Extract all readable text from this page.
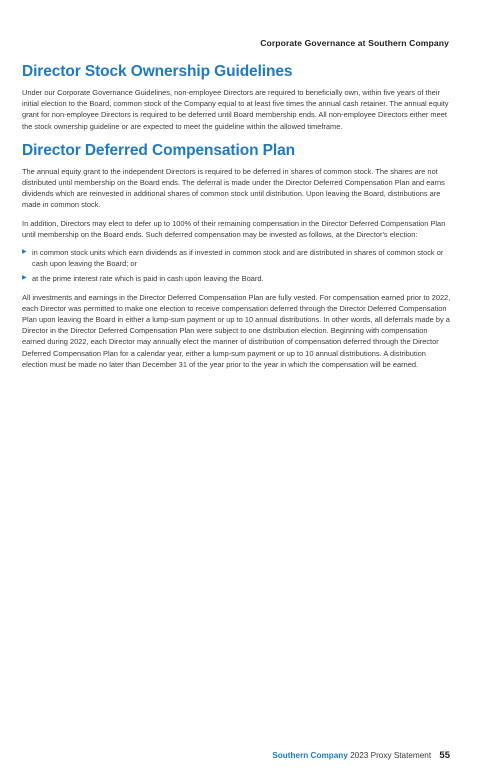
Corporate Governance at Southern Company
Director Stock Ownership Guidelines

Under our Corporate Governance Guidelines, non-employee Directors are required to beneficially own, within five years of their initial election to the Board, common stock of the Company equal to at least five times the annual cash retainer. The annual equity grant for non-employee Directors is required to be deferred until Board membership ends. All non-employee Directors either meet the stock ownership guideline or are expected to meet the guideline within the allowed timeframe.

Director Deferred Compensation Plan

The annual equity grant to the independent Directors is required to be deferred in shares of common stock. The shares are not distributed until membership on the Board ends. The deferral is made under the Director Deferred Compensation Plan and earns dividends which are reinvested in additional shares of common stock until distribution. Upon leaving the Board, distributions are made in common stock.

In addition, Directors may elect to defer up to 100% of their remaining compensation in the Director Deferred Compensation Plan until membership on the Board ends. Such deferred compensation may be invested as follows, at the Director's election:

▶ in common stock units which earn dividends as if invested in common stock and are distributed in shares of common stock or cash upon leaving the Board; or
▶ at the prime interest rate which is paid in cash upon leaving the Board.

All investments and earnings in the Director Deferred Compensation Plan are fully vested. For compensation earned prior to 2022, each Director was permitted to make one election to receive compensation deferred through the Director Deferred Compensation Plan upon leaving the Board in either a lump-sum payment or up to 10 annual distributions. In other words, all deferrals made by a Director in the Director Deferred Compensation Plan were subject to one distribution election. Beginning with compensation earned during 2022, each Director may annually elect the manner of distribution of compensation deferred through the Director Deferred Compensation Plan for a calendar year, either a lump-sum payment or up to 10 annual distributions. A distribution election must be made no later than December 31 of the year prior to the year in which the compensation will be earned.

Southern Company 2023 Proxy Statement 55
